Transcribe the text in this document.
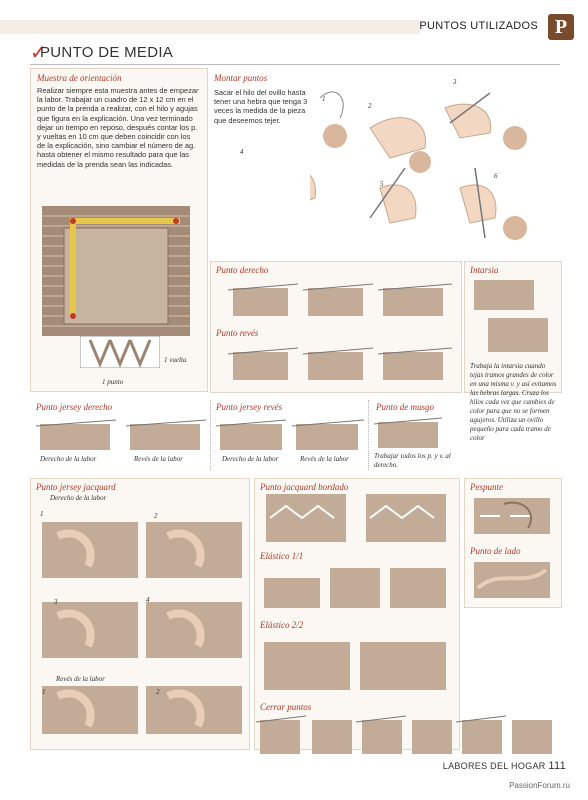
PUNTOS UTILIZADOS P
✓
PUNTO DE MEDIA
Muestra de orientación
Realizar siempre esta muestra antes de empezar la labor. Trabajar un cuadro de 12 x 12 cm en el punto de la prenda a realizar, con el hilo y agujas que figura en la explicación. Una vez terminado dejar un tiempo en reposo, después contar los p. y vueltas en 10 cm que deben coincidir con los de la explicación, sino cambiar el número de ag. hasta obtener el mismo resultado para que las medidas de la prenda sean las indicadas.
1 vuelta
1 punto
Montar puntos
Sacar el hilo del ovillo hasta tener una hebra que tenga 3 veces la medida de la pieza que deseemos tejer.
1
2
3
4
5
6
Punto derecho
Punto revés
Intarsia
Trabaja la intarsia cuando tejas tramos grandes de color en una misma v. y así evitamos las hebras largas. Cruza los hilos cada vez que cambies de color para que no se formen agujeros. Utiliza un ovillo pequeño para cada tramo de color
Punto jersey derecho
Derecho de la labor	Revés de la labor
Punto jersey revés
Derecho de la labor	Revés de la labor
Punto de musgo
Trabajar todos los p. y v. al derecho.
Punto jersey jacquard
Derecho de la labor
1	2
3	4
Revés de la labor
1	2
Punto jacquard bordado
Elástico 1/1
Elástico 2/2
Cerrar puntos
Pespunte
Punto de lado
LABORES DEL HOGAR 111
PassionForum.ru
